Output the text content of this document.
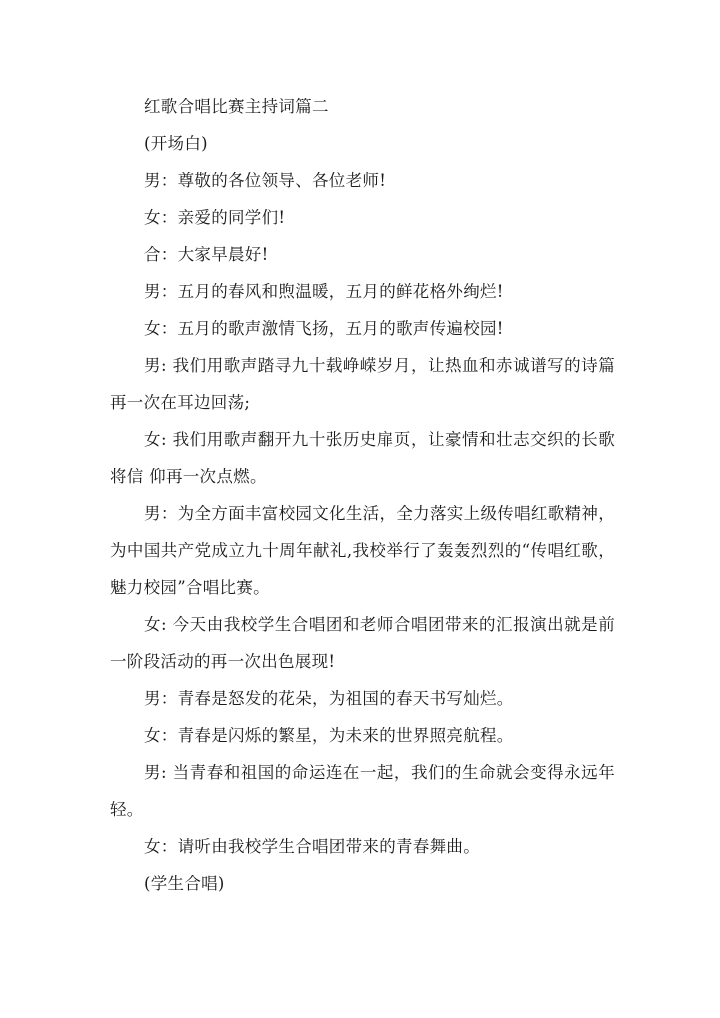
红歌合唱比赛主持词篇二

(开场白)

男：尊敬的各位领导、各位老师!

女：亲爱的同学们!

合：大家早晨好!

男：五月的春风和煦温暖，五月的鲜花格外绚烂!

女：五月的歌声激情飞扬，五月的歌声传遍校园!

男: 我们用歌声踏寻九十载峥嵘岁月，让热血和赤诚谱写的诗篇再一次在耳边回荡;

女: 我们用歌声翻开九十张历史扉页，让豪情和壮志交织的长歌将信 仰再一次点燃。

男：为全方面丰富校园文化生活，全力落实上级传唱红歌精神，为中国共产党成立九十周年献礼,我校举行了轰轰烈烈的“传唱红歌，魅力校园”合唱比赛。

女: 今天由我校学生合唱团和老师合唱团带来的汇报演出就是前一阶段活动的再一次出色展现!

男：青春是怒发的花朵，为祖国的春天书写灿烂。

女：青春是闪烁的繁星，为未来的世界照亮航程。

男: 当青春和祖国的命运连在一起，我们的生命就会变得永远年轻。

女：请听由我校学生合唱团带来的青春舞曲。

(学生合唱)
